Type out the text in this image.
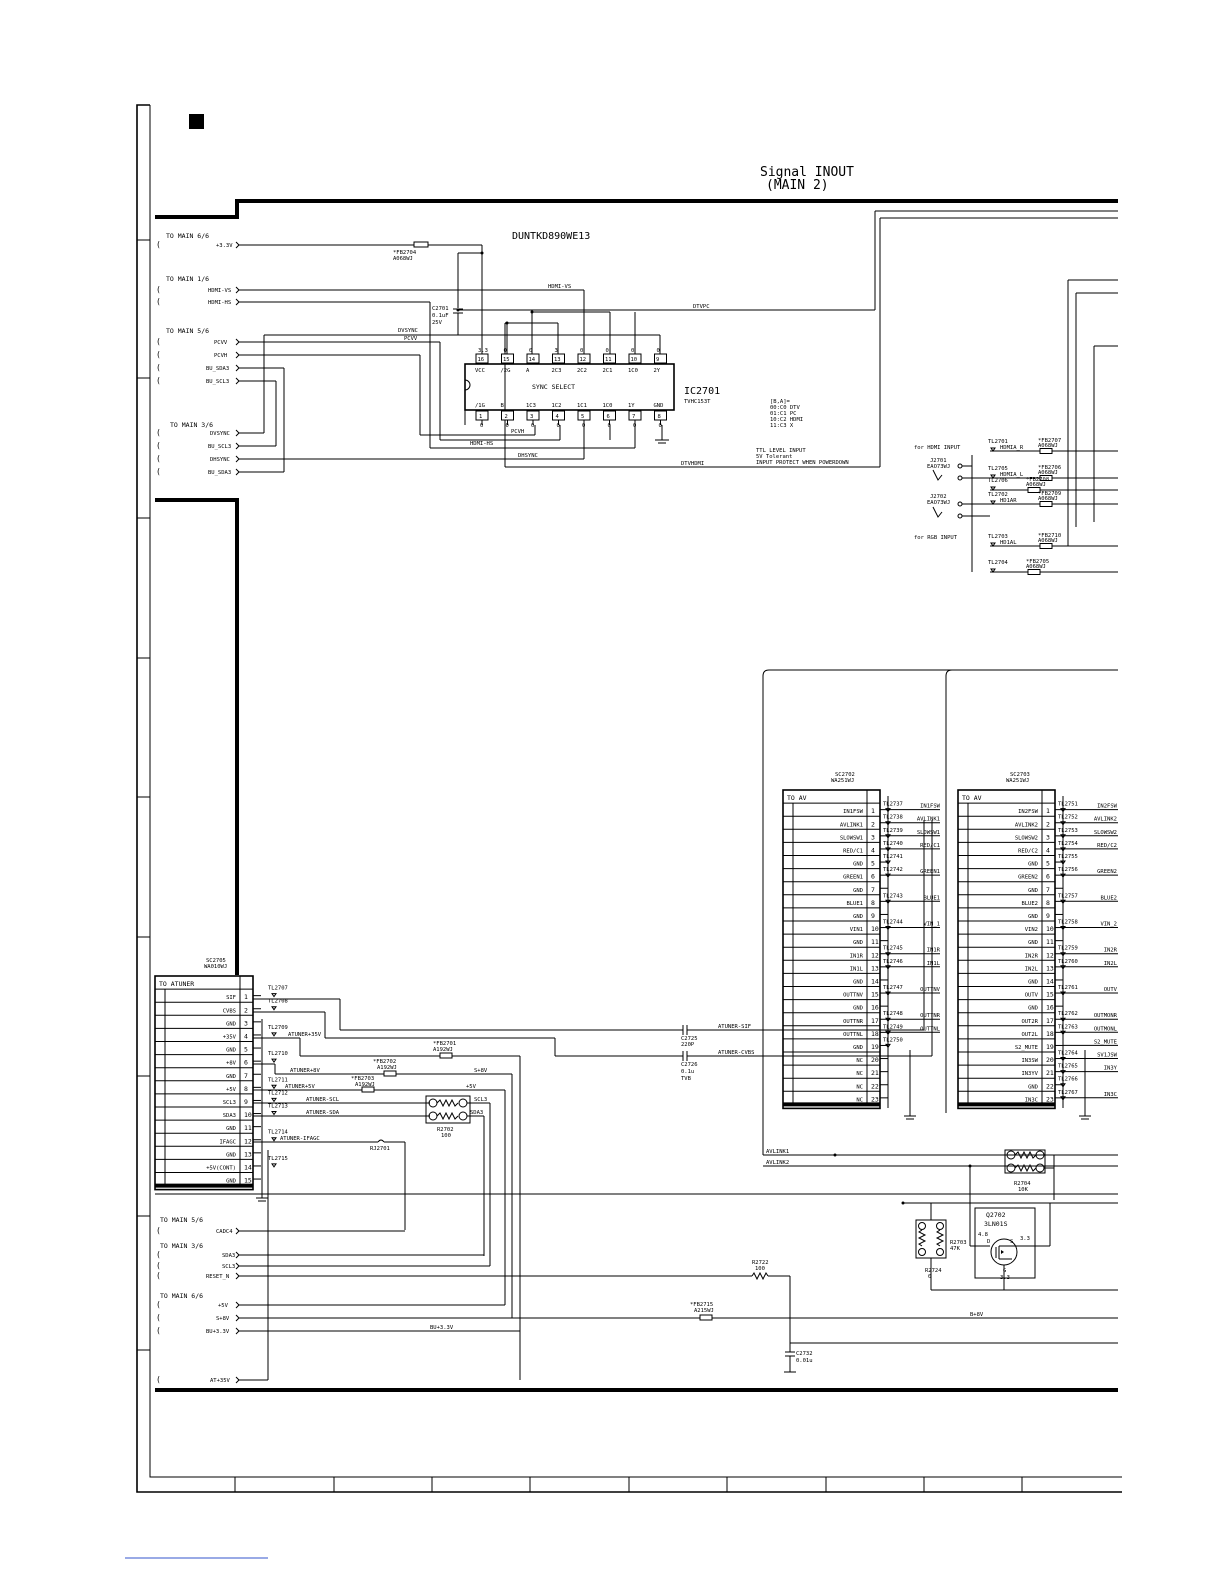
Signal INOUT
(MAIN 2)
DUNTKD890WE13
TO MAIN 6/6
+3.3V
TO MAIN 1/6
HDMI-VS
HDMI-HS
TO MAIN 5/6
PCVV
PCVH
BU_SDA3
BU_SCL3
TO MAIN 3/6
DVSYNC
BU_SCL3
DHSYNC
BU_SDA3
(
(
(
(
(
(
(
(
(
(
(
HDMI-VS
DTVPC
DVSYNC
PCVV
PCVH
HDMI-HS
DHSYNC
DTVHDMI
*FB2704
A068WJ
C2701
0.1uF
25V
SYNC SELECT	IC2701
TVHC153T
16
3.3
VCC
15
0
/2G
14
0
A
13
3
2C3
12
0
2C2
11
0
2C1
10
0
1C0
9
0
2Y
1
0
/1G
2
0
B
3
0
1C3
4
0
1C2
5
0
1C1
6
0
1C0
7
0
1Y
8
0
GND
[B,A]=
00:C0 DTV
01:C1 PC
10:C2 HDMI
11:C3 X
TTL LEVEL INPUT
5V Tolerant
INPUT PROTECT WHEN POWERDOWN
for HDMI INPUT
for RGB INPUT
J2701
EAO73WJ
J2702
EAO73WJ
TL2701
HDMIA_R
*FB2707
A068WJ
TL2705
HDMIA_L
*FB2706
A068WJ
TL2706	*FB2708
A068WJ
TL2702
HD1AR
*FB2709
A068WJ
TL2703
HD1AL
*FB2710
A068WJ
TL2704	*FB2705
A068WJ
AVLINK1
AVLINK2
SC2702
WA251WJ
TO AV
IN1FSW 1
AVLINK1 2
SLOWSW1 3
RED/C1 4
GND 5
GREEN1 6
GND 7
BLUE1 8
GND 9
VIN1 10
GND 11
IN1R 12
IN1L 13
GND 14
OUTTNV 15
GND 16
OUTTNR 17
OUTTNL 18
GND 19
NC 20
NC 21
NC 22
NC 23
TL2737
TL2738
TL2739
TL2740
TL2741
TL2742
TL2743
TL2744
TL2745
TL2746
TL2747
TL2748
TL2749
TL2750
IN1FSW
AVLINK1
SLOWSW1
RED/C1
GREEN1
BLUE1
VIN_1
IN1R
IN1L
OUTTNV
OUTTNR
OUTTNL
SC2703
WA251WJ
TO AV
IN2FSW 1
AVLINK2 2
SLOWSW2 3
RED/C2 4
GND 5
GREEN2 6
GND 7
BLUE2 8
GND 9
VIN2 10
GND 11
IN2R 12
IN2L 13
GND 14
OUTV 15
GND 16
OUT2R 17
OUT2L 18
S2_MUTE 19
IN3SW 20
IN3YV 21
GND 22
IN3C 23
TL2751
TL2752
TL2753
TL2754
TL2755
TL2756
TL2757
TL2758
TL2759
TL2760
TL2761
TL2762
TL2763
TL2764
TL2765
TL2766
TL2767
IN2FSW
AVLINK2
SLOWSW2
RED/C2
GREEN2
BLUE2
VIN_2
IN2R
IN2L
OUTV
OUTMONR
OUTMONL
S2_MUTE
SV1JSW
IN3Y
IN3C
SC2705
WA010WJ
TO ATUNER
SIF 1
CVBS 2
GND 3
+35V 4
GND 5
+8V 6
GND 7
+5V 8
SCL3 9
SDA3 10
GND 11
IFAGC 12
GND 13
+5V(CONT) 14
GND 15
TL2707
TL2708
TL2709
TL2710
TL2711
TL2712
TL2713
TL2714
TL2715
ATUNER+8V
ATUNER+5V
ATUNER-SCL
ATUNER-SDA
ATUNER-IFAGC
ATUNER+35V
S+8V
+5V
SCL3
SDA3
ATUNER-SIF
ATUNER-CVBS
*FB2701
A192WJ
*FB2702
A192WJ
*FB2703
A192WJ
R2702
100
RJ2701
C2725
220P
C2726
0.1u
TVB
TO MAIN 5/6
CADC4
TO MAIN 3/6
SDA3
SCL3
RESET_N
TO MAIN 6/6
+5V
S+8V
BU+3.3V
AT+35V
(
(
(
(
(
(
(
(
BU+3.3V
B+8V
R2722
100
*FB2715
A215WJ
C2732
0.01u
R2704
10K
R2703
47K
R2724
0
Q2702
3LN01S
4.8
D	S 3.3
G
3.3
